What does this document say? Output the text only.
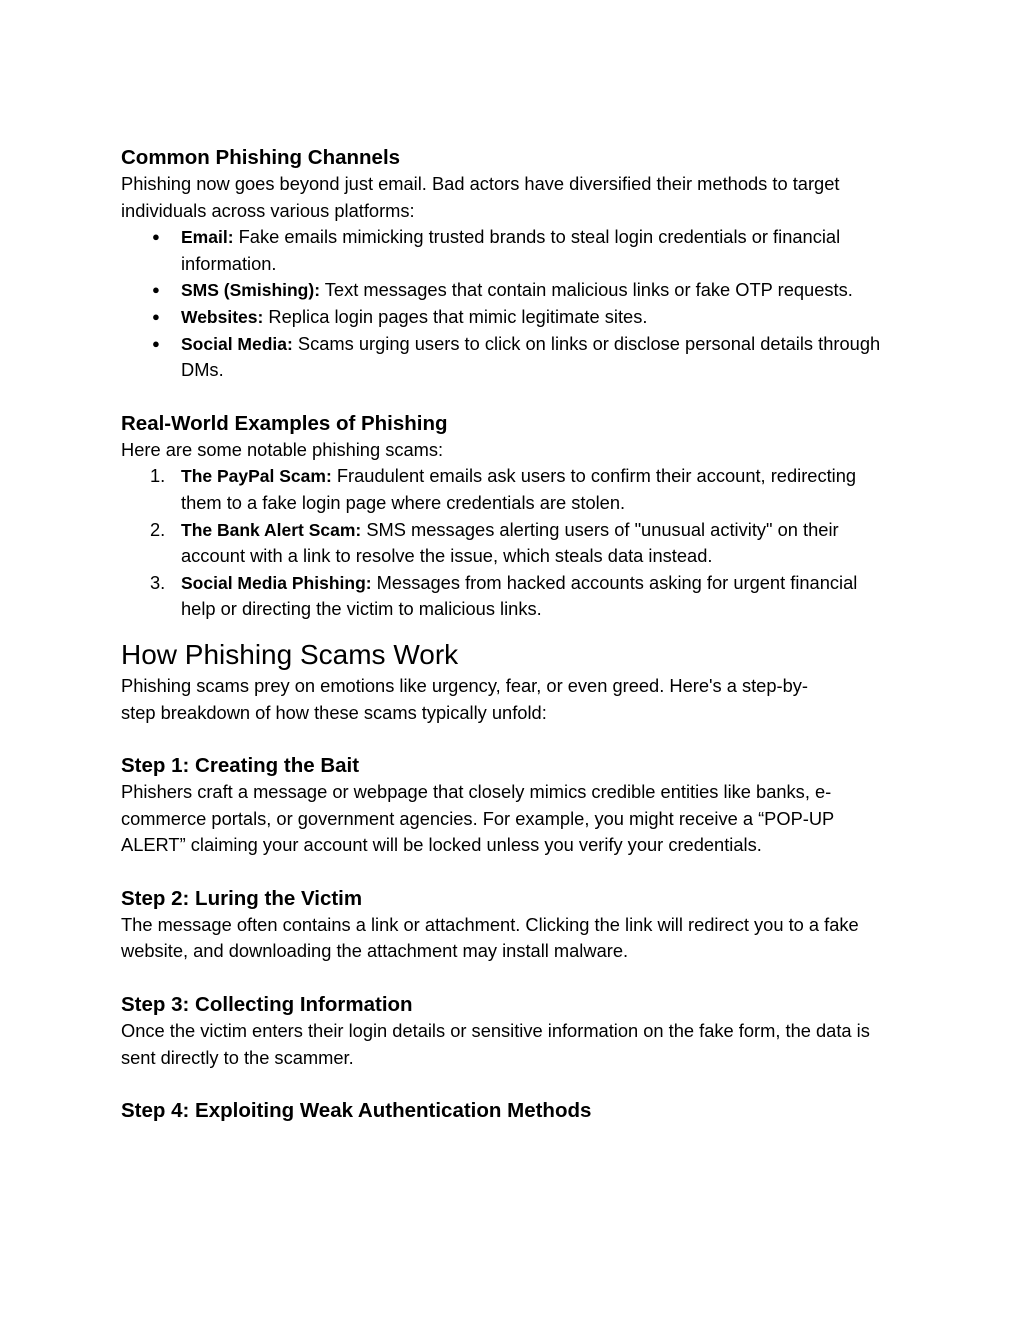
Common Phishing Channels

Phishing now goes beyond just email. Bad actors have diversified their methods to target individuals across various platforms:

● Email: Fake emails mimicking trusted brands to steal login credentials or financial information.
● SMS (Smishing): Text messages that contain malicious links or fake OTP requests.
● Websites: Replica login pages that mimic legitimate sites.
● Social Media: Scams urging users to click on links or disclose personal details through DMs.
Real-World Examples of Phishing

Here are some notable phishing scams:

1. The PayPal Scam: Fraudulent emails ask users to confirm their account, redirecting them to a fake login page where credentials are stolen.
2. The Bank Alert Scam: SMS messages alerting users of "unusual activity" on their account with a link to resolve the issue, which steals data instead.
3. Social Media Phishing: Messages from hacked accounts asking for urgent financial help or directing the victim to malicious links.
How Phishing Scams Work

Phishing scams prey on emotions like urgency, fear, or even greed. Here's a step-by-step breakdown of how these scams typically unfold:

Step 1: Creating the Bait

Phishers craft a message or webpage that closely mimics credible entities like banks, e-commerce portals, or government agencies. For example, you might receive a “POP-UP ALERT” claiming your account will be locked unless you verify your credentials.

Step 2: Luring the Victim

The message often contains a link or attachment. Clicking the link will redirect you to a fake website, and downloading the attachment may install malware.

Step 3: Collecting Information

Once the victim enters their login details or sensitive information on the fake form, the data is sent directly to the scammer.

Step 4: Exploiting Weak Authentication Methods
